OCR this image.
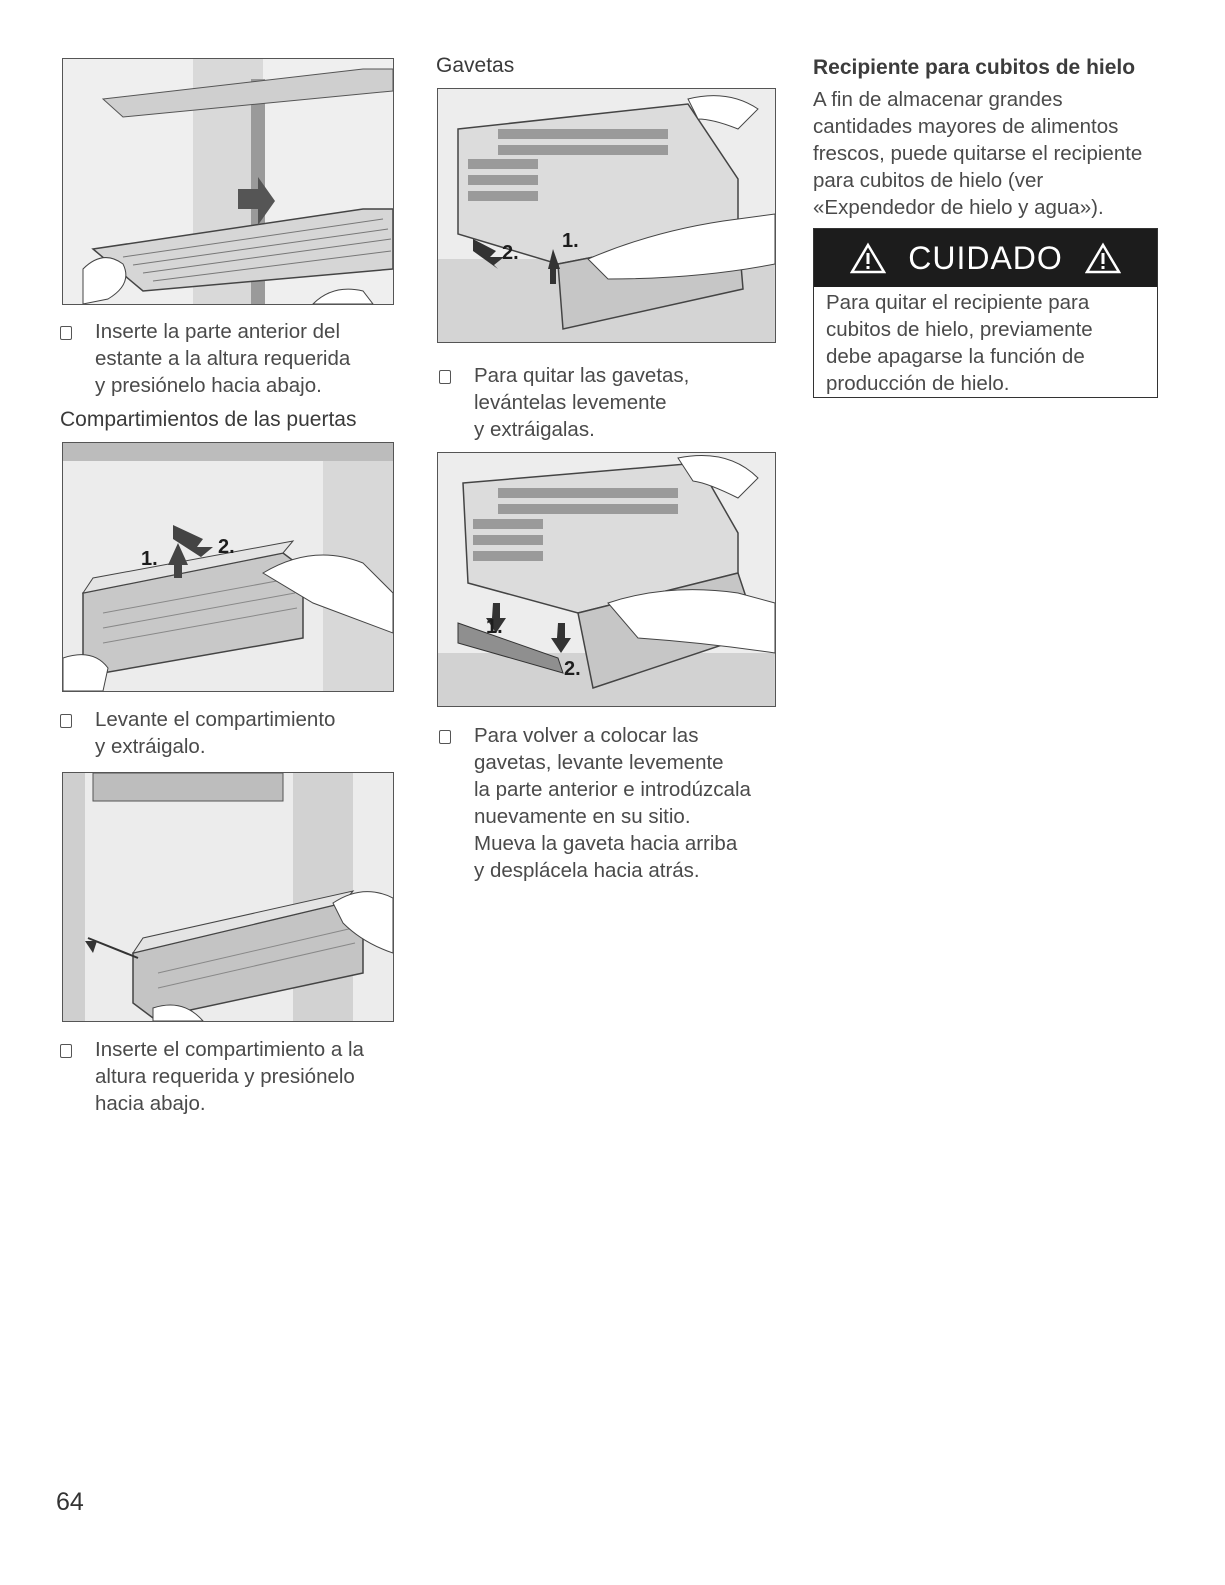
Inserte la parte anterior del
estante a la altura requerida
y presiónelo hacia abajo.
Compartimientos de las puertas
1.
2.
Levante el compartimiento
y extráigalo.
Inserte el compartimiento a la
altura requerida y presiónelo
hacia abajo.
Gavetas
1.
2.
Para quitar las gavetas,
levántelas levemente
y extráigalas.
1.
2.
Para volver a colocar las
gavetas, levante levemente
la parte anterior e introdúzcala
nuevamente en su sitio.
Mueva la gaveta hacia arriba
y desplácela hacia atrás.
Recipiente para cubitos de hielo
A fin de almacenar grandes
cantidades mayores de alimentos
frescos, puede quitarse el recipiente
para cubitos de hielo (ver
«Expendedor de hielo y agua»).
CUIDADO
Para quitar el recipiente para
cubitos de hielo, previamente
debe apagarse la función de
producción de hielo.
64
